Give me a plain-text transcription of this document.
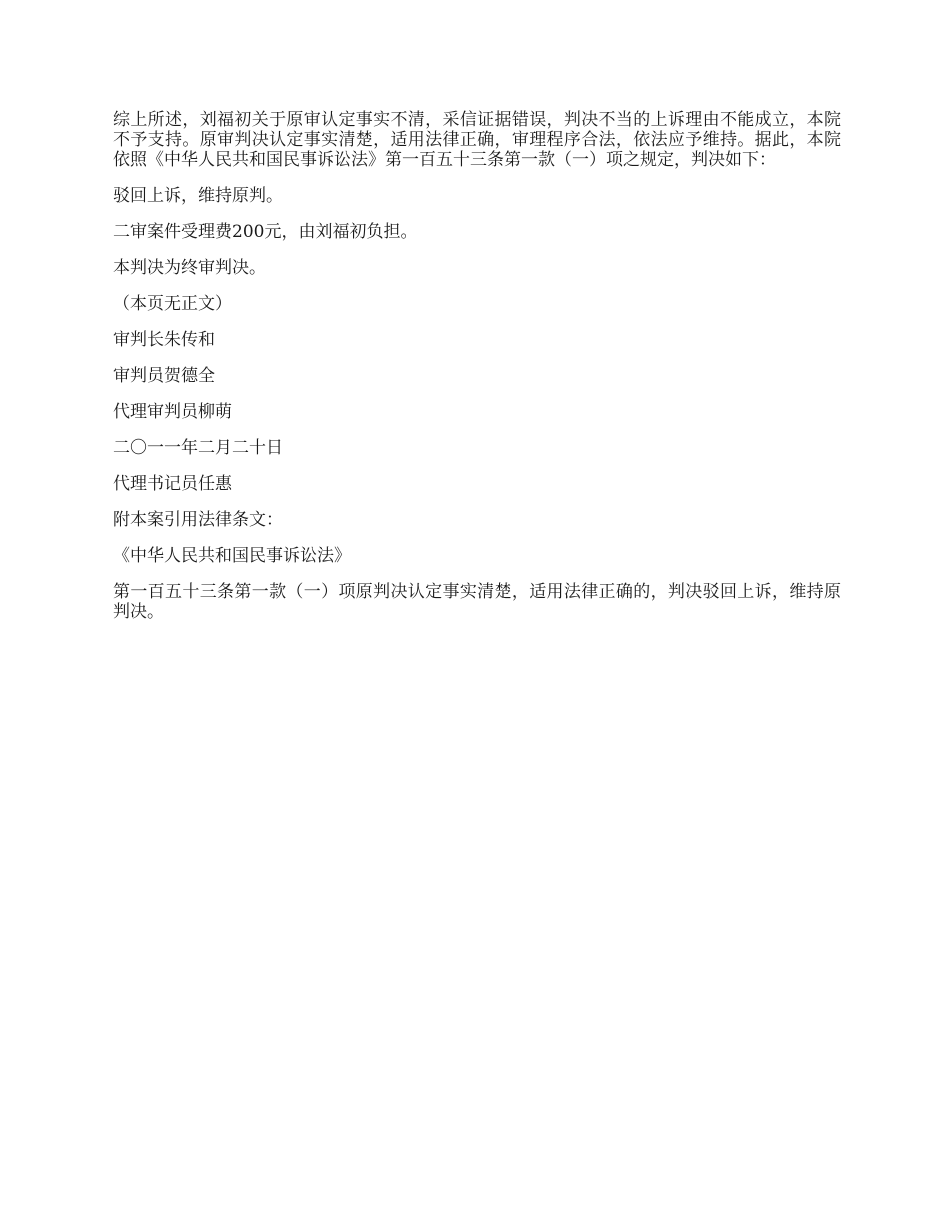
综上所述，刘福初关于原审认定事实不清，采信证据错误，判决不当的上诉理由不能成立，本院不予支持。原审判决认定事实清楚，适用法律正确，审理程序合法，依法应予维持。据此，本院依照《中华人民共和国民事诉讼法》第一百五十三条第一款（一）项之规定，判决如下：

驳回上诉，维持原判。

二审案件受理费200元，由刘福初负担。

本判决为终审判决。

（本页无正文）

审判长朱传和

审判员贺德全

代理审判员柳萌

二〇一一年二月二十日

代理书记员任惠

附本案引用法律条文：

《中华人民共和国民事诉讼法》

第一百五十三条第一款（一）项原判决认定事实清楚，适用法律正确的，判决驳回上诉，维持原判决。
